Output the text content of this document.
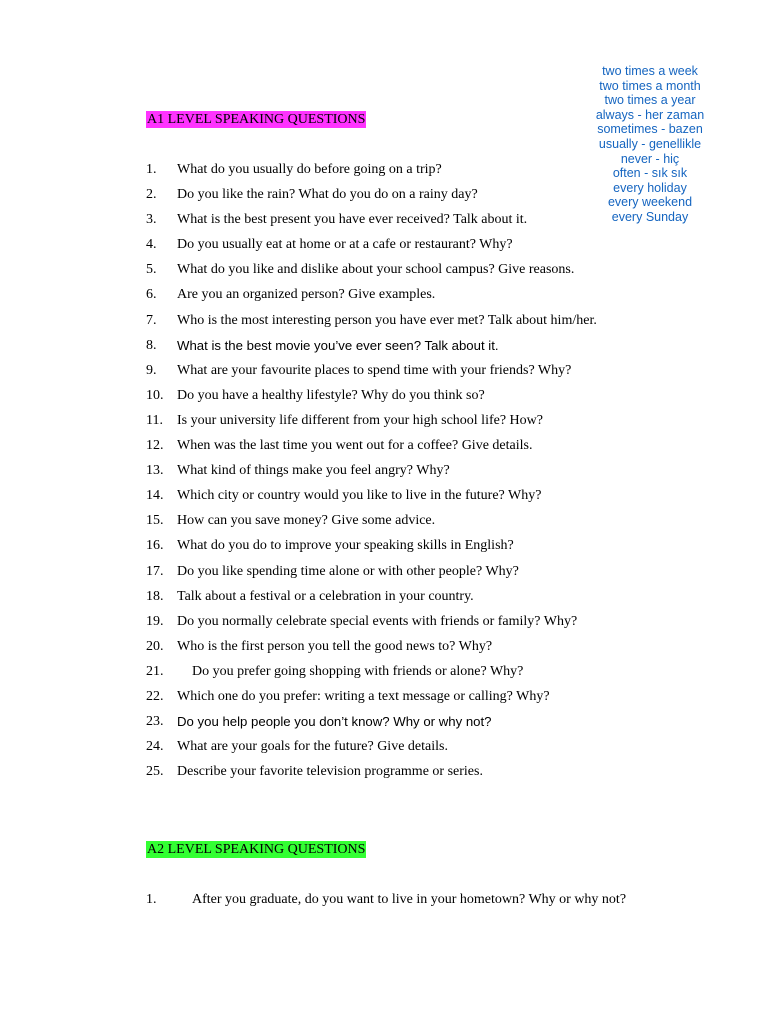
two times a week
two times a month
two times a year
always - her zaman
sometimes - bazen
usually - genellikle
never - hiç
often - sık sık
every holiday
every weekend
every Sunday
A1 LEVEL SPEAKING QUESTIONS
1. What do you usually do before going on a trip?
2. Do you like the rain? What do you do on a rainy day?
3. What is the best present you have ever received? Talk about it.
4. Do you usually eat at home or at a cafe or restaurant? Why?
5. What do you like and dislike about your school campus? Give reasons.
6. Are you an organized person? Give examples.
7. Who is the most interesting person you have ever met? Talk about him/her.
8. What is the best movie you’ve ever seen? Talk about it.
9. What are your favourite places to spend time with your friends? Why?
10. Do you have a healthy lifestyle? Why do you think so?
11. Is your university life different from your high school life? How?
12. When was the last time you went out for a coffee? Give details.
13. What kind of things make you feel angry? Why?
14. Which city or country would you like to live in the future? Why?
15. How can you save money? Give some advice.
16. What do you do to improve your speaking skills in English?
17. Do you like spending time alone or with other people? Why?
18. Talk about a festival or a celebration in your country.
19. Do you normally celebrate special events with friends or family? Why?
20. Who is the first person you tell the good news to? Why?
21. Do you prefer going shopping with friends or alone? Why?
22. Which one do you prefer: writing a text message or calling? Why?
23. Do you help people you don’t know? Why or why not?
24. What are your goals for the future? Give details.
25. Describe your favorite television programme or series.
A2 LEVEL SPEAKING QUESTIONS
1.	After you graduate, do you want to live in your hometown? Why or why not?
